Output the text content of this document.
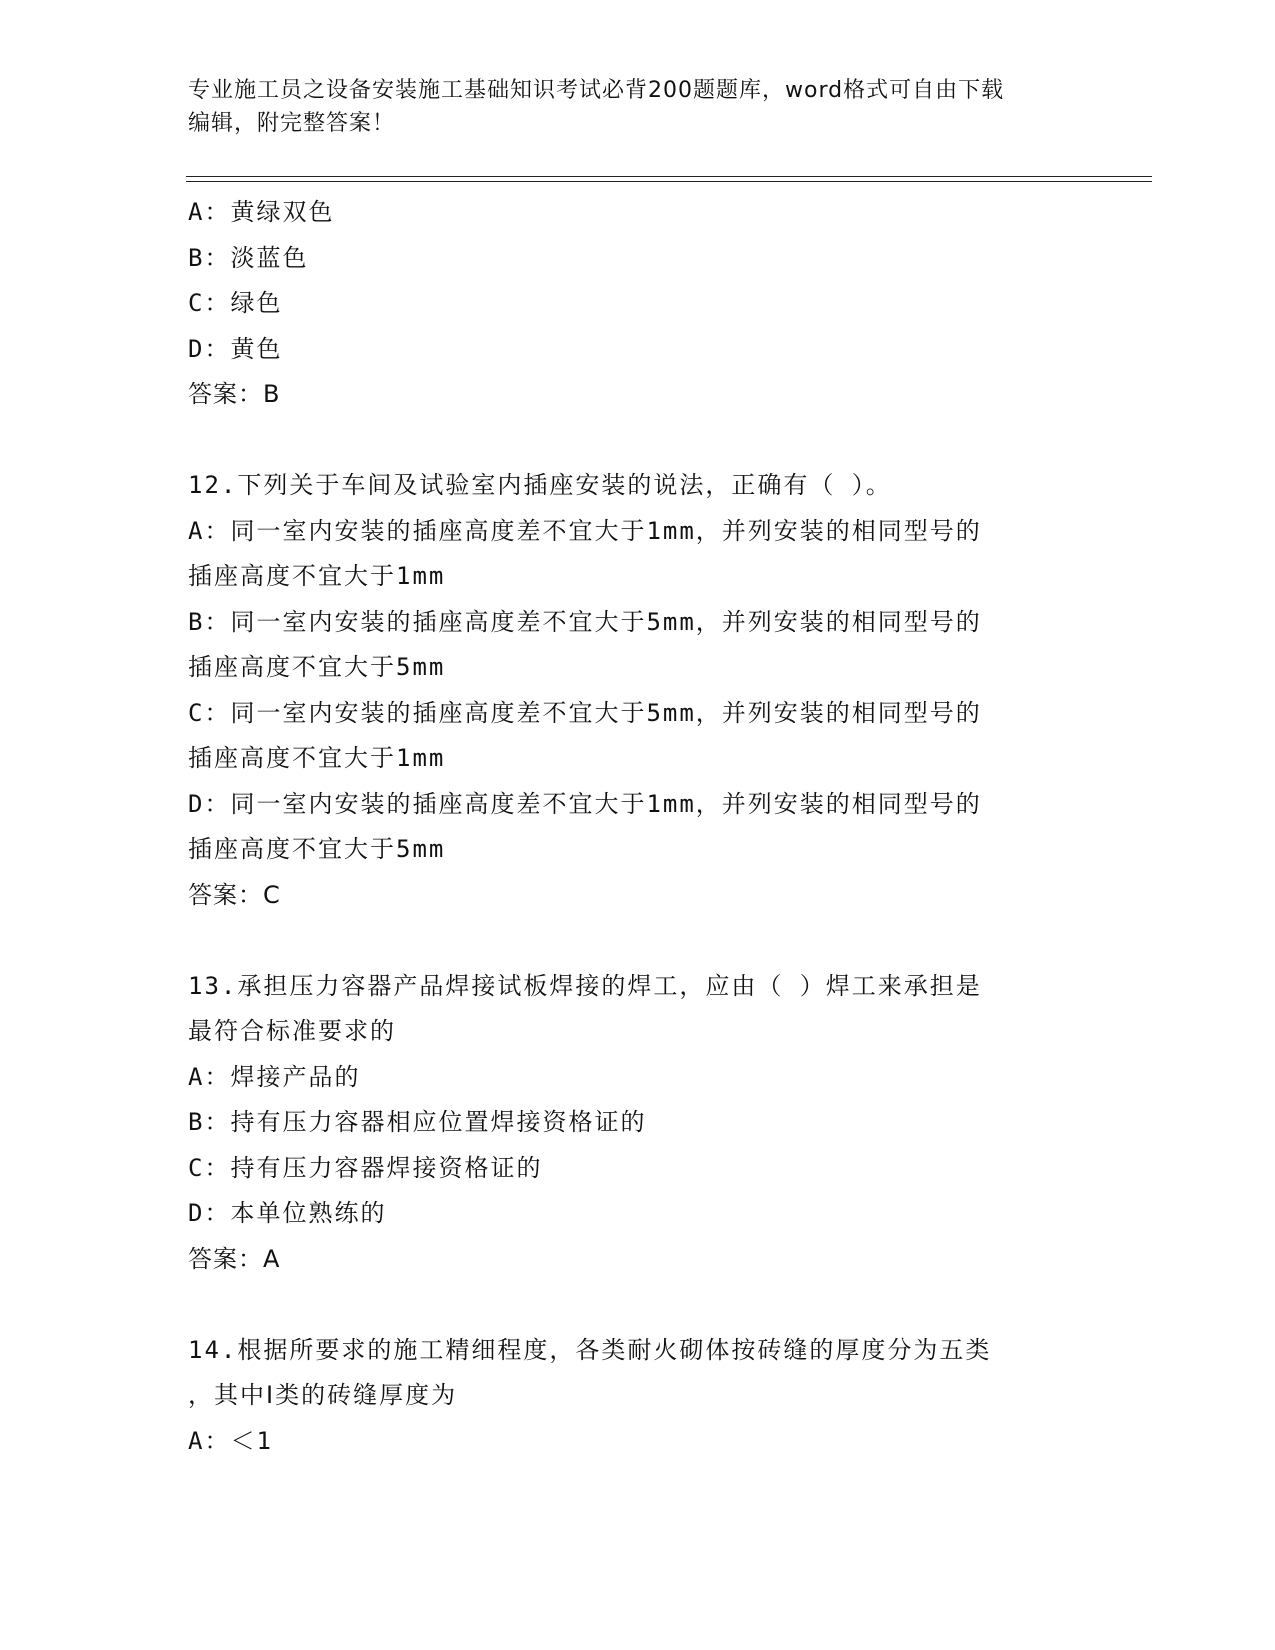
专业施工员之设备安装施工基础知识考试必背200题题库，word格式可自由下载
编辑，附完整答案！
A：黄绿双色
B：淡蓝色
C：绿色
D：黄色
答案：B
12.下列关于车间及试验室内插座安装的说法，正确有（ ）。
A：同一室内安装的插座高度差不宜大于1mm，并列安装的相同型号的
插座高度不宜大于1mm
B：同一室内安装的插座高度差不宜大于5mm，并列安装的相同型号的
插座高度不宜大于5mm
C：同一室内安装的插座高度差不宜大于5mm，并列安装的相同型号的
插座高度不宜大于1mm
D：同一室内安装的插座高度差不宜大于1mm，并列安装的相同型号的
插座高度不宜大于5mm
答案：C
13.承担压力容器产品焊接试板焊接的焊工，应由（ ）焊工来承担是
最符合标准要求的
A：焊接产品的
B：持有压力容器相应位置焊接资格证的
C：持有压力容器焊接资格证的
D：本单位熟练的
答案：A
14.根据所要求的施工精细程度，各类耐火砌体按砖缝的厚度分为五类
，其中Ⅰ类的砖缝厚度为
A：＜1
